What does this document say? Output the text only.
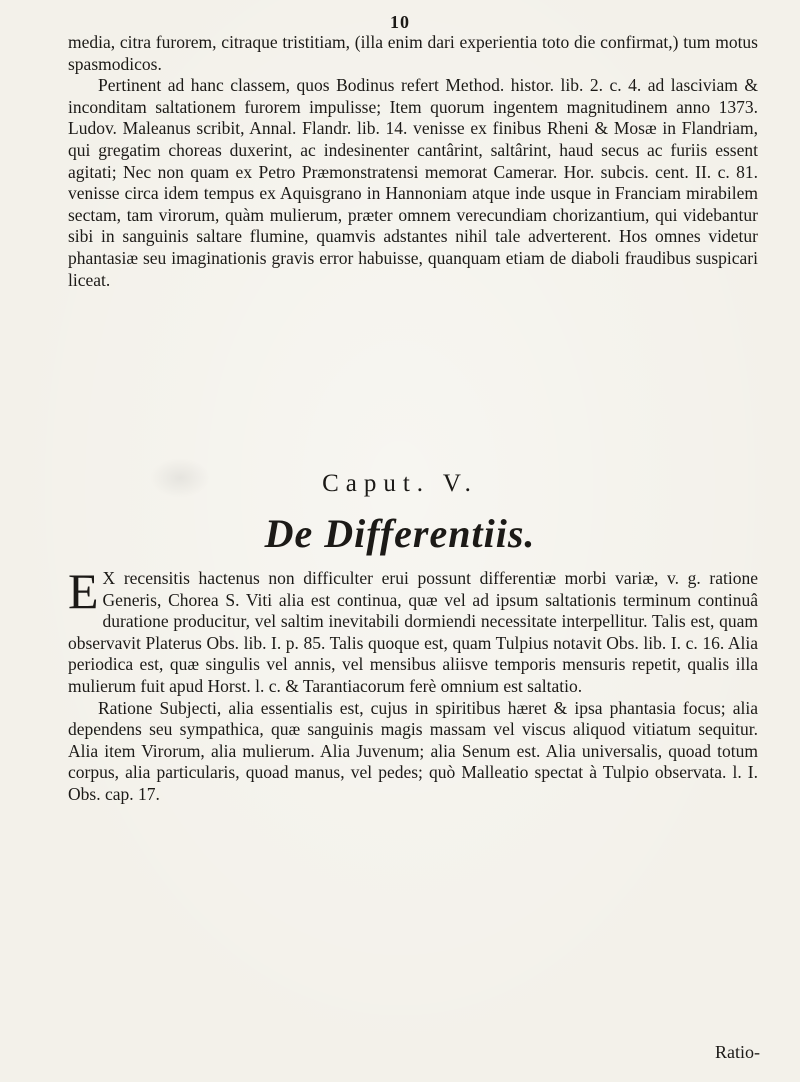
10

media, citra furorem, citraque tristitiam, (illa enim dari experientia toto die confirmat,) tum motus spasmodicos.

Pertinent ad hanc classem, quos Bodinus refert Method. histor. lib. 2. c. 4. ad lasciviam & inconditam saltationem furorem impulisse; Item quorum ingentem magnitudinem anno 1373. Ludov. Maleanus scribit, Annal. Flandr. lib. 14. venisse ex finibus Rheni & Mosæ in Flandriam, qui gregatim choreas duxerint, ac indesinenter cantârint, saltârint, haud secus ac furiis essent agitati; Nec non quam ex Petro Præmonstratensi memorat Camerar. Hor. subcis. cent. II. c. 81. venisse circa idem tempus ex Aquisgrano in Hannoniam atque inde usque in Franciam mirabilem sectam, tam virorum, quàm mulierum, præter omnem verecundiam chorizantium, qui videbantur sibi in sanguinis saltare flumine, quamvis adstantes nihil tale adverterent. Hos omnes videtur phantasiæ seu imaginationis gravis error habuisse, quanquam etiam de diaboli fraudibus suspicari liceat.

Caput. V.
De Differentiis.

E X recensitis hactenus non difficulter erui possunt differentiæ morbi variæ, v. g. ratione Generis, Chorea S. Viti alia est continua, quæ vel ad ipsum saltationis terminum continuâ duratione producitur, vel saltim inevitabili dormiendi necessitate interpellitur. Talis est, quam observavit Platerus Obs. lib. I. p. 85. Talis quoque est, quam Tulpius notavit Obs. lib. I. c. 16. Alia periodica est, quæ singulis vel annis, vel mensibus aliisve temporis mensuris repetit, qualis illa mulierum fuit apud Horst. l. c. & Tarantiacorum ferè omnium est saltatio.

Ratione Subjecti, alia essentialis est, cujus in spiritibus hæret & ipsa phantasia focus; alia dependens seu sympathica, quæ sanguinis magis massam vel viscus aliquod vitiatum sequitur. Alia item Virorum, alia mulierum. Alia Juvenum; alia Senum est. Alia universalis, quoad totum corpus, alia particularis, quoad manus, vel pedes; quò Malleatio spectat à Tulpio observata. l. I. Obs. cap. 17.

Ratio-
